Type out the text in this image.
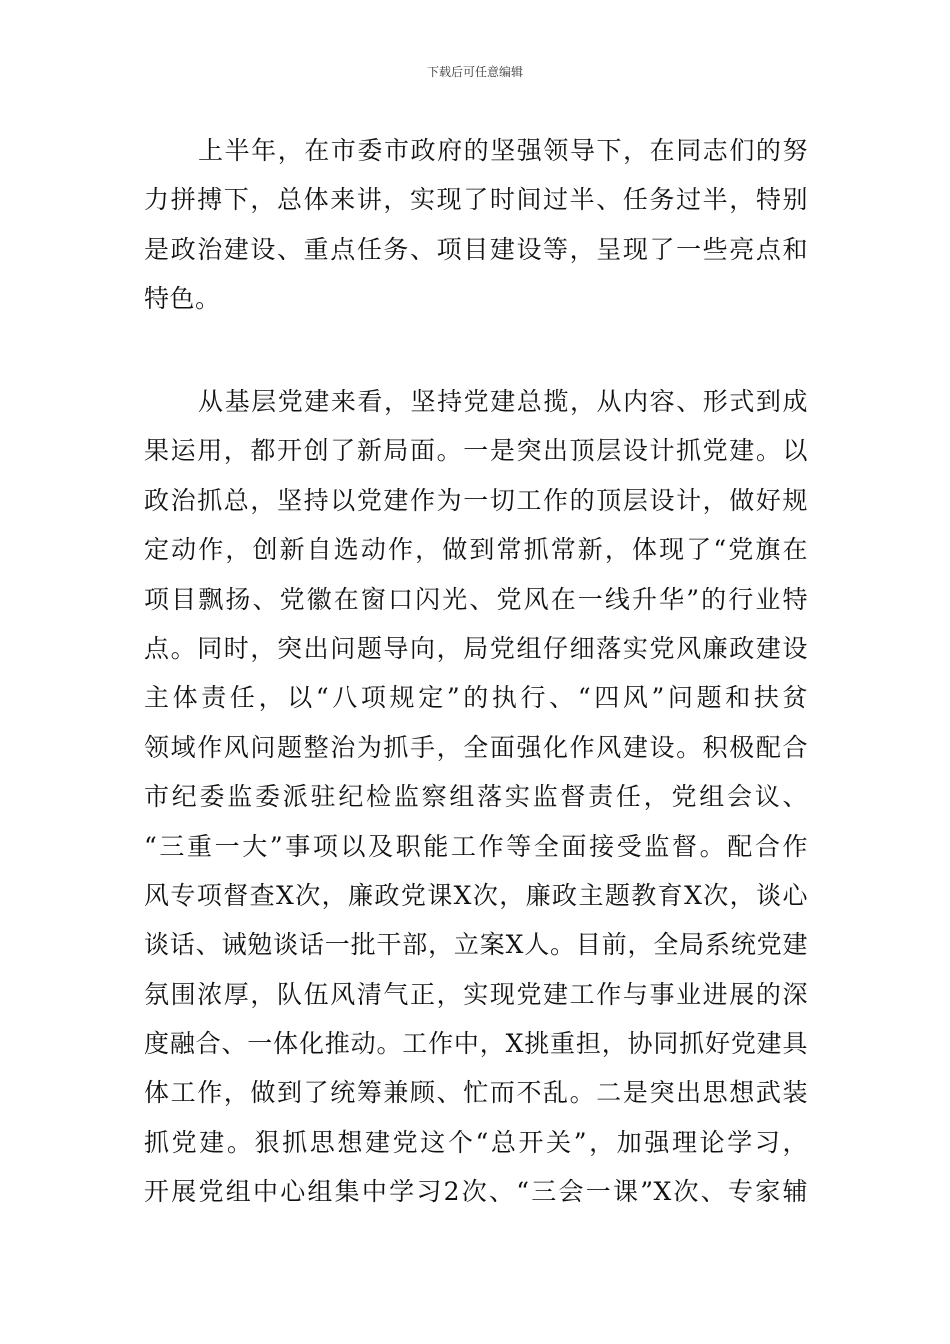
下载后可任意编辑
上半年，在市委市政府的坚强领导下，在同志们的努
力拼搏下，总体来讲，实现了时间过半、任务过半，特别
是政治建设、重点任务、项目建设等，呈现了一些亮点和
特色。
从基层党建来看，坚持党建总揽，从内容、形式到成
果运用，都开创了新局面。一是突出顶层设计抓党建。以
政治抓总，坚持以党建作为一切工作的顶层设计，做好规
定动作，创新自选动作，做到常抓常新，体现了“党旗在
项目飘扬、党徽在窗口闪光、党风在一线升华”的行业特
点。同时，突出问题导向，局党组仔细落实党风廉政建设
主体责任，以“八项规定”的执行、“四风”问题和扶贫
领域作风问题整治为抓手，全面强化作风建设。积极配合
市纪委监委派驻纪检监察组落实监督责任，党组会议、
“三重一大”事项以及职能工作等全面接受监督。配合作
风专项督查X次，廉政党课X次，廉政主题教育X次，谈心
谈话、诫勉谈话一批干部，立案X人。目前，全局系统党建
氛围浓厚，队伍风清气正，实现党建工作与事业进展的深
度融合、一体化推动。工作中，X挑重担，协同抓好党建具
体工作，做到了统筹兼顾、忙而不乱。二是突出思想武装
抓党建。狠抓思想建党这个“总开关”，加强理论学习，
开展党组中心组集中学习2次、“三会一课”X次、专家辅
